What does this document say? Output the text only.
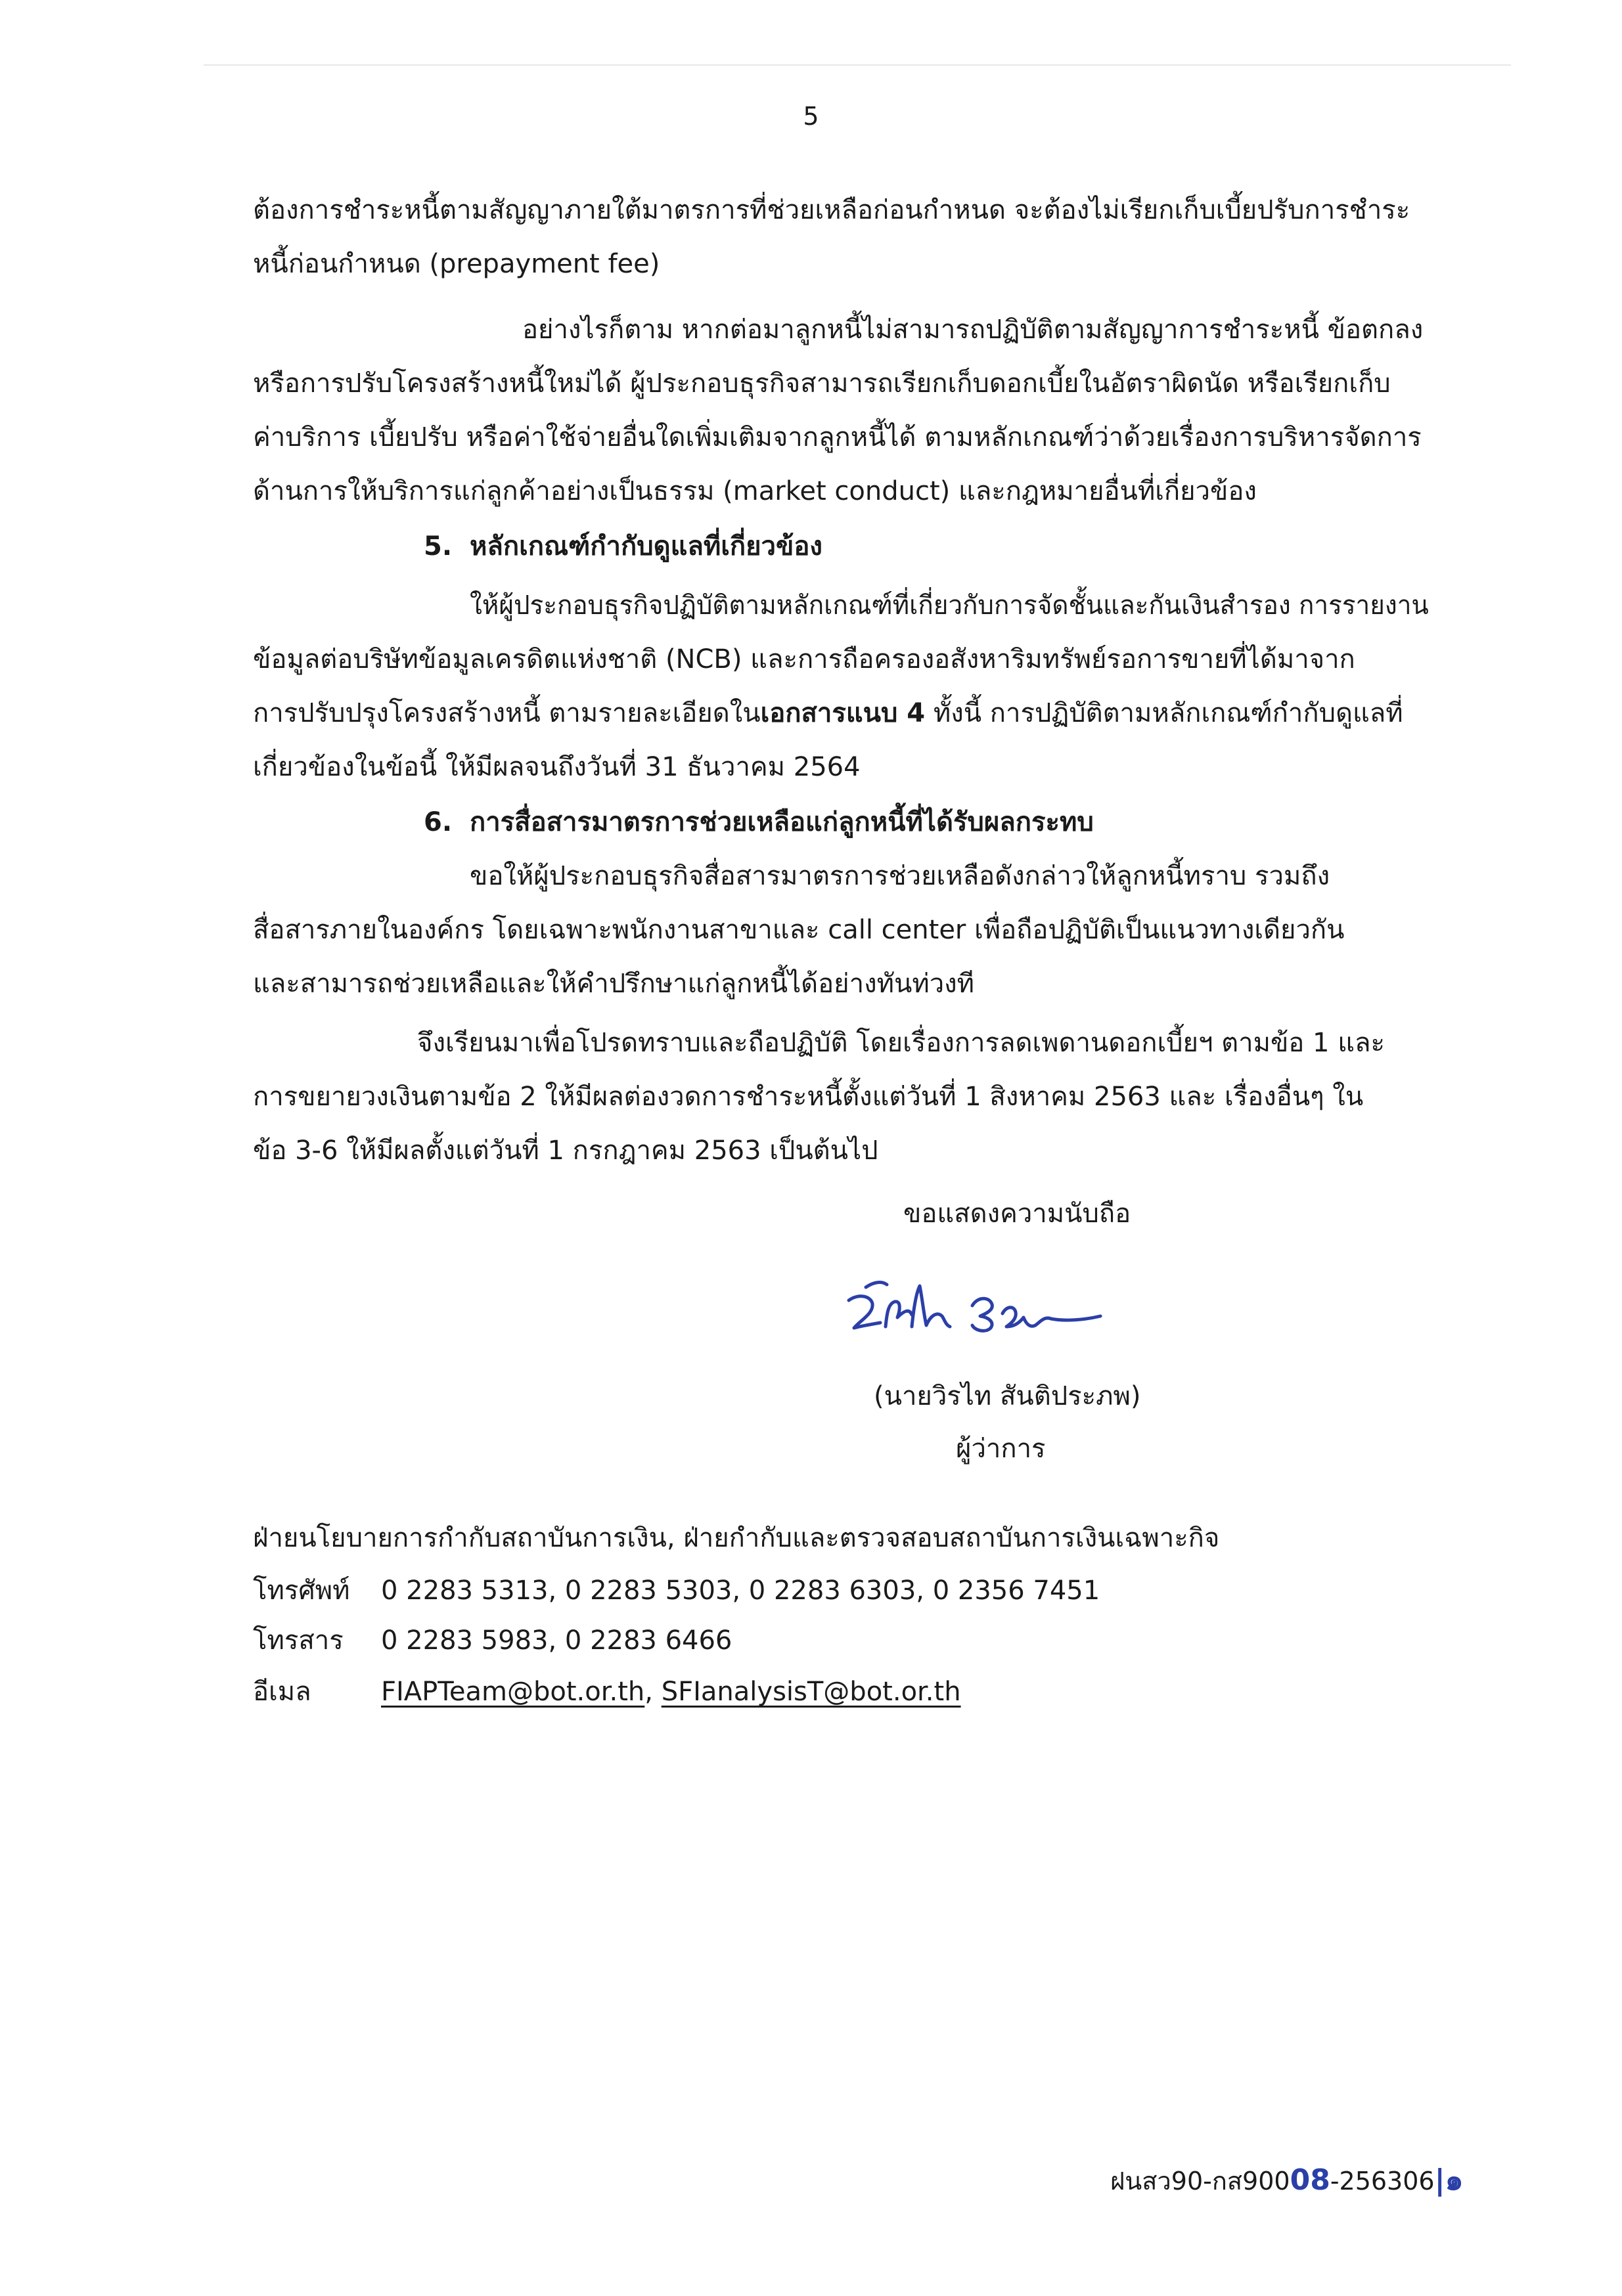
5
ต้องการชำระหนี้ตามสัญญาภายใต้มาตรการที่ช่วยเหลือก่อนกำหนด จะต้องไม่เรียกเก็บเบี้ยปรับการชำระ
หนี้ก่อนกำหนด (prepayment fee)
อย่างไรก็ตาม หากต่อมาลูกหนี้ไม่สามารถปฏิบัติตามสัญญาการชำระหนี้ ข้อตกลง
หรือการปรับโครงสร้างหนี้ใหม่ได้ ผู้ประกอบธุรกิจสามารถเรียกเก็บดอกเบี้ยในอัตราผิดนัด หรือเรียกเก็บ
ค่าบริการ เบี้ยปรับ หรือค่าใช้จ่ายอื่นใดเพิ่มเติมจากลูกหนี้ได้ ตามหลักเกณฑ์ว่าด้วยเรื่องการบริหารจัดการ
ด้านการให้บริการแก่ลูกค้าอย่างเป็นธรรม (market conduct) และกฎหมายอื่นที่เกี่ยวข้อง
5. หลักเกณฑ์กำกับดูแลที่เกี่ยวข้อง
ให้ผู้ประกอบธุรกิจปฏิบัติตามหลักเกณฑ์ที่เกี่ยวกับการจัดชั้นและกันเงินสำรอง การรายงาน
ข้อมูลต่อบริษัทข้อมูลเครดิตแห่งชาติ (NCB) และการถือครองอสังหาริมทรัพย์รอการขายที่ได้มาจาก
การปรับปรุงโครงสร้างหนี้ ตามรายละเอียดในเอกสารแนบ 4 ทั้งนี้ การปฏิบัติตามหลักเกณฑ์กำกับดูแลที่
เกี่ยวข้องในข้อนี้ ให้มีผลจนถึงวันที่ 31 ธันวาคม 2564
6. การสื่อสารมาตรการช่วยเหลือแก่ลูกหนี้ที่ได้รับผลกระทบ
ขอให้ผู้ประกอบธุรกิจสื่อสารมาตรการช่วยเหลือดังกล่าวให้ลูกหนี้ทราบ รวมถึง
สื่อสารภายในองค์กร โดยเฉพาะพนักงานสาขาและ call center เพื่อถือปฏิบัติเป็นแนวทางเดียวกัน
และสามารถช่วยเหลือและให้คำปรึกษาแก่ลูกหนี้ได้อย่างทันท่วงที
จึงเรียนมาเพื่อโปรดทราบและถือปฏิบัติ โดยเรื่องการลดเพดานดอกเบี้ยฯ ตามข้อ 1 และ
การขยายวงเงินตามข้อ 2 ให้มีผลต่องวดการชำระหนี้ตั้งแต่วันที่ 1 สิงหาคม 2563 และ เรื่องอื่นๆ ใน
ข้อ 3-6 ให้มีผลตั้งแต่วันที่ 1 กรกฎาคม 2563 เป็นต้นไป
ขอแสดงความนับถือ
(นายวิรไท สันติประภพ)
ผู้ว่าการ
ฝ่ายนโยบายการกำกับสถาบันการเงิน, ฝ่ายกำกับและตรวจสอบสถาบันการเงินเฉพาะกิจ
โทรศัพท์ 0 2283 5313, 0 2283 5303, 0 2283 6303, 0 2356 7451
โทรสาร 0 2283 5983, 0 2283 6466
อีเมล	FIAPTeam@bot.or.th, SFIanalysisT@bot.or.th
ฝนสว90-กส90008-256306|๑
